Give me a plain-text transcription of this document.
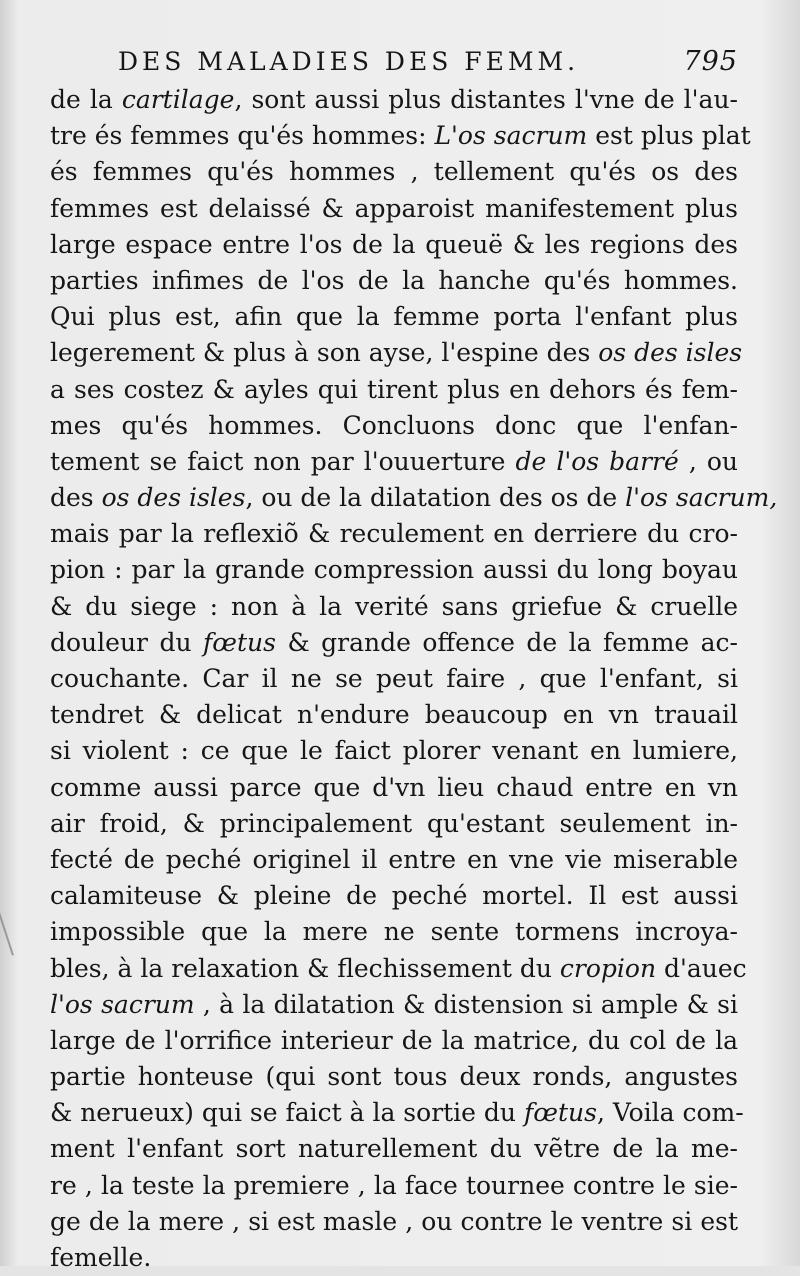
DES MALADIES DES FEMM.	795
de la cartilage, sont aussi plus distantes l'vne de l'au-
tre és femmes qu'és hommes: L'os sacrum est plus plat
és femmes qu'és hommes , tellement qu'és os des
femmes est delaissé & apparoist manifestement plus
large espace entre l'os de la queuë & les regions des
parties infimes de l'os de la hanche qu'és hommes.
Qui plus est, afin que la femme porta l'enfant plus
legerement & plus à son ayse, l'espine des os des isles
a ses costez & ayles qui tirent plus en dehors és fem-
mes qu'és hommes. Concluons donc que l'enfan-
tement se faict non par l'ouuerture de l'os barré , ou
des os des isles, ou de la dilatation des os de l'os sacrum,
mais par la reflexiõ & reculement en derriere du cro-
pion : par la grande compression aussi du long boyau
& du siege : non à la verité sans griefue & cruelle
douleur du fœtus & grande offence de la femme ac-
couchante. Car il ne se peut faire , que l'enfant, si
tendret & delicat n'endure beaucoup en vn trauail
si violent : ce que le faict plorer venant en lumiere,
comme aussi parce que d'vn lieu chaud entre en vn
air froid, & principalement qu'estant seulement in-
fecté de peché originel il entre en vne vie miserable
calamiteuse & pleine de peché mortel. Il est aussi
impossible que la mere ne sente tormens incroya-
bles, à la relaxation & flechissement du cropion d'auec
l'os sacrum , à la dilatation & distension si ample & si
large de l'orrifice interieur de la matrice, du col de la
partie honteuse (qui sont tous deux ronds, angustes
& nerueux) qui se faict à la sortie du fœtus, Voila com-
ment l'enfant sort naturellement du vẽtre de la me-
re , la teste la premiere , la face tournee contre le sie-
ge de la mere , si est masle , ou contre le ventre si est
femelle.
